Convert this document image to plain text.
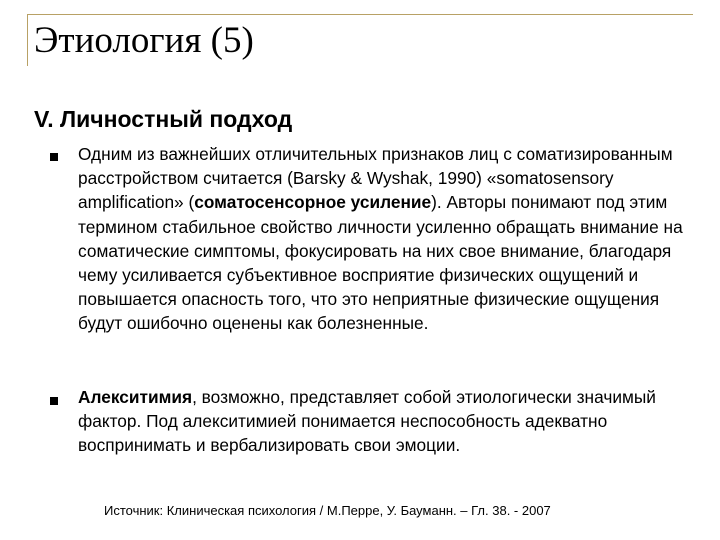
Этиология (5)
V. Личностный подход
Одним из важнейших отличительных признаков лиц с соматизированным расстройством считается (Barsky & Wyshak, 1990) «somatosensory amplification» (соматосенсорное усиление). Авторы понимают под этим термином стабильное свойство личности усиленно обращать внимание на соматические симптомы, фокусировать на них свое внимание, благодаря чему усиливается субъективное восприятие физических ощущений и повышается опасность того, что это неприятные физические ощущения будут ошибочно оценены как болезненные.
Алекситимия, возможно, представляет собой этиологически значимый фактор. Под алекситимией понимается неспособность адекватно воспринимать и вербализировать свои эмоции.
Источник: Клиническая психология / М.Перре, У. Бауманн. – Гл. 38. - 2007
